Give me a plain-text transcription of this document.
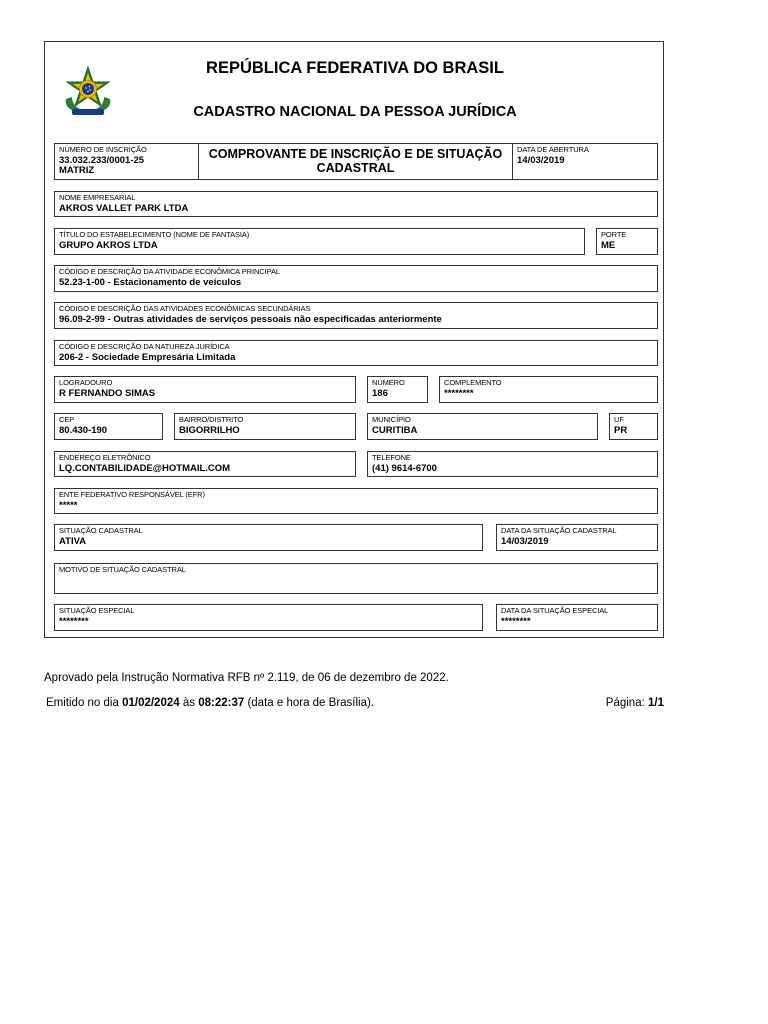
REPÚBLICA FEDERATIVA DO BRASIL
CADASTRO NACIONAL DA PESSOA JURÍDICA
NÚMERO DE INSCRIÇÃO
33.032.233/0001-25
MATRIZ
COMPROVANTE DE INSCRIÇÃO E DE SITUAÇÃO
CADASTRAL
DATA DE ABERTURA
14/03/2019
NOME EMPRESARIAL
AKROS VALLET PARK LTDA
TÍTULO DO ESTABELECIMENTO (NOME DE FANTASIA)
GRUPO AKROS LTDA
PORTE
ME
CÓDIGO E DESCRIÇÃO DA ATIVIDADE ECONÔMICA PRINCIPAL
52.23-1-00 - Estacionamento de veículos
CÓDIGO E DESCRIÇÃO DAS ATIVIDADES ECONÔMICAS SECUNDÁRIAS
96.09-2-99 - Outras atividades de serviços pessoais não especificadas anteriormente
CÓDIGO E DESCRIÇÃO DA NATUREZA JURÍDICA
206-2 - Sociedade Empresária Limitada
LOGRADOURO
R FERNANDO SIMAS
NÚMERO
186
COMPLEMENTO
********
CEP
80.430-190
BAIRRO/DISTRITO
BIGORRILHO
MUNICÍPIO
CURITIBA
UF
PR
ENDEREÇO ELETRÔNICO
LQ.CONTABILIDADE@HOTMAIL.COM
TELEFONE
(41) 9614-6700
ENTE FEDERATIVO RESPONSÁVEL (EFR)
*****
SITUAÇÃO CADASTRAL
ATIVA
DATA DA SITUAÇÃO CADASTRAL
14/03/2019
MOTIVO DE SITUAÇÃO CADASTRAL
SITUAÇÃO ESPECIAL
********
DATA DA SITUAÇÃO ESPECIAL
********
Aprovado pela Instrução Normativa RFB nº 2.119, de 06 de dezembro de 2022.
Emitido no dia 01/02/2024 às 08:22:37 (data e hora de Brasília).	Página: 1/1
